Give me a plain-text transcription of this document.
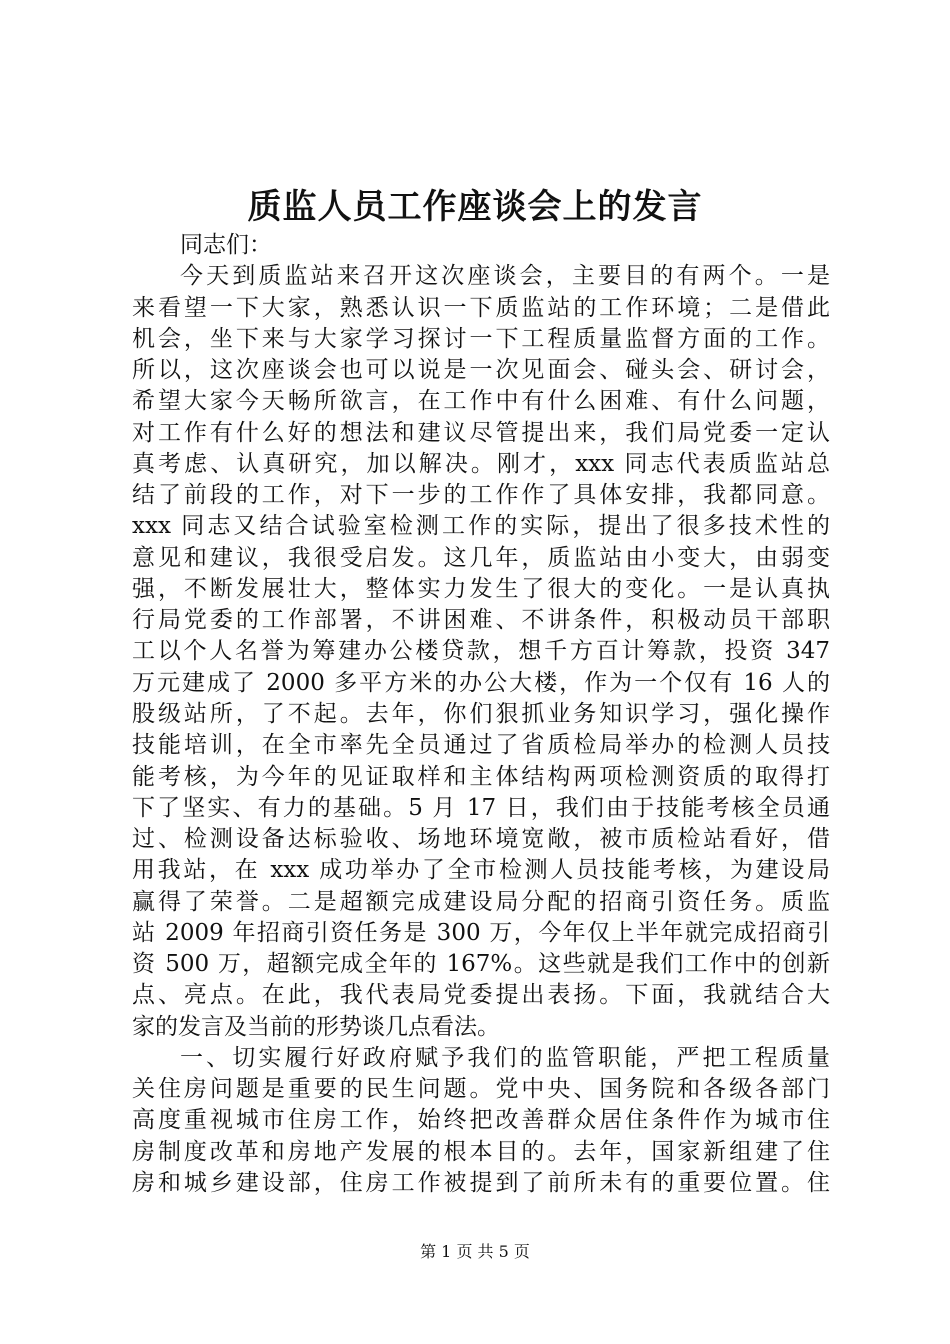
质监人员工作座谈会上的发言

同志们：

今天到质监站来召开这次座谈会，主要目的有两个。一是

来看望一下大家，熟悉认识一下质监站的工作环境；二是借此

机会，坐下来与大家学习探讨一下工程质量监督方面的工作。

所以，这次座谈会也可以说是一次见面会、碰头会、研讨会，

希望大家今天畅所欲言，在工作中有什么困难、有什么问题，

对工作有什么好的想法和建议尽管提出来，我们局党委一定认

真考虑、认真研究，加以解决。刚才，xxx 同志代表质监站总

结了前段的工作，对下一步的工作作了具体安排，我都同意。

xxx 同志又结合试验室检测工作的实际，提出了很多技术性的

意见和建议，我很受启发。这几年，质监站由小变大，由弱变

强，不断发展壮大，整体实力发生了很大的变化。一是认真执

行局党委的工作部署，不讲困难、不讲条件，积极动员干部职

工以个人名誉为筹建办公楼贷款，想千方百计筹款，投资 347

万元建成了 2000 多平方米的办公大楼，作为一个仅有 16 人的

股级站所，了不起。去年，你们狠抓业务知识学习，强化操作

技能培训，在全市率先全员通过了省质检局举办的检测人员技

能考核，为今年的见证取样和主体结构两项检测资质的取得打

下了坚实、有力的基础。5 月 17 日，我们由于技能考核全员通

过、检测设备达标验收、场地环境宽敞，被市质检站看好，借

用我站，在 xxx 成功举办了全市检测人员技能考核，为建设局

赢得了荣誉。二是超额完成建设局分配的招商引资任务。质监

站 2009 年招商引资任务是 300 万，今年仅上半年就完成招商引

资 500 万，超额完成全年的 167%。这些就是我们工作中的创新

点、亮点。在此，我代表局党委提出表扬。下面，我就结合大

家的发言及当前的形势谈几点看法。

一、切实履行好政府赋予我们的监管职能，严把工程质量

关住房问题是重要的民生问题。党中央、国务院和各级各部门

高度重视城市住房工作，始终把改善群众居住条件作为城市住

房制度改革和房地产发展的根本目的。去年，国家新组建了住

房和城乡建设部，住房工作被提到了前所未有的重要位置。住

第 1 页 共 5 页
